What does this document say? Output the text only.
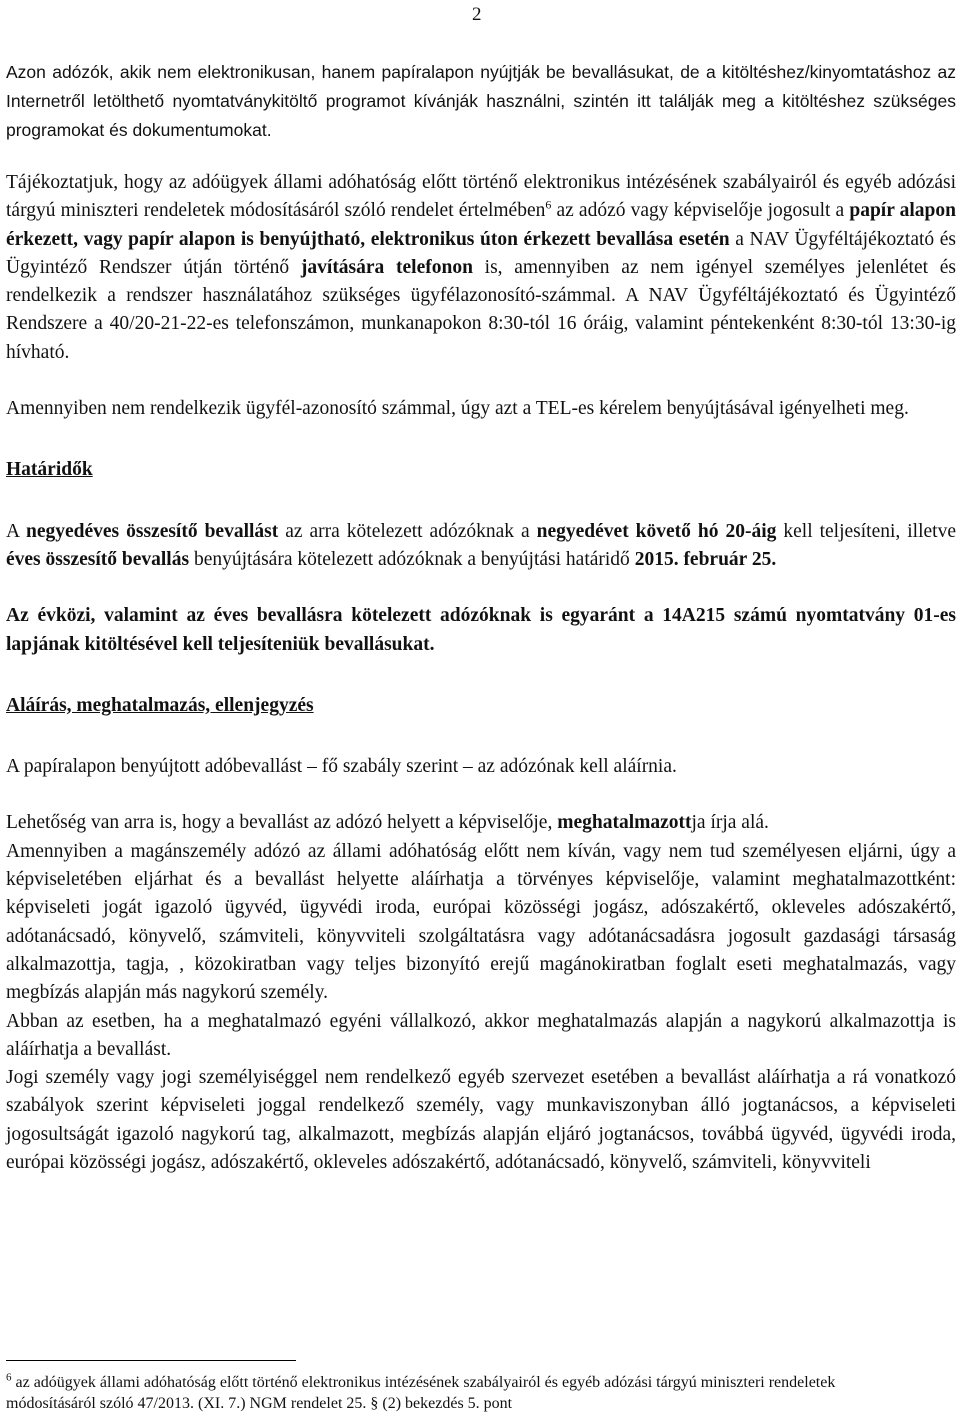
2
Azon adózók, akik nem elektronikusan, hanem papíralapon nyújtják be bevallásukat, de a kitöltéshez/kinyomtatáshoz az Internetről letölthető nyomtatványkitöltő programot kívánják használni, szintén itt találják meg a kitöltéshez szükséges programokat és dokumentumokat.

Tájékoztatjuk, hogy az adóügyek állami adóhatóság előtt történő elektronikus intézésének szabályairól és egyéb adózási tárgyú miniszteri rendeletek módosításáról szóló rendelet értelmében$^6$ az adózó vagy képviselője jogosult a papír alapon érkezett, vagy papír alapon is benyújtható, elektronikus úton érkezett bevallása esetén a NAV Ügyféltájékoztató és Ügyintéző Rendszer útján történő javítására telefonon is, amennyiben az nem igényel személyes jelenlétet és rendelkezik a rendszer használatához szükséges ügyfélazonosító-számmal. A NAV Ügyféltájékoztató és Ügyintéző Rendszere a 40/20-21-22-es telefonszámon, munkanapokon 8:30-tól 16 óráig, valamint péntekenként 8:30-tól 13:30-ig hívható.

Amennyiben nem rendelkezik ügyfél-azonosító számmal, úgy azt a TEL-es kérelem benyújtásával igényelheti meg.

Határidők

A negyedéves összesítő bevallást az arra kötelezett adózóknak a negyedévet követő hó 20-áig kell teljesíteni, illetve éves összesítő bevallás benyújtására kötelezett adózóknak a benyújtási határidő 2015. február 25.

Az évközi, valamint az éves bevallásra kötelezett adózóknak is egyaránt a 14A215 számú nyomtatvány 01-es lapjának kitöltésével kell teljesíteniük bevallásukat.

Aláírás, meghatalmazás, ellenjegyzés

A papíralapon benyújtott adóbevallást – fő szabály szerint – az adózónak kell aláírnia.

Lehetőség van arra is, hogy a bevallást az adózó helyett a képviselője, meghatalmazottja írja alá.

Amennyiben a magánszemély adózó az állami adóhatóság előtt nem kíván, vagy nem tud személyesen eljárni, úgy a képviseletében eljárhat és a bevallást helyette aláírhatja a törvényes képviselője, valamint meghatalmazottként: képviseleti jogát igazoló ügyvéd, ügyvédi iroda, európai közösségi jogász, adószakértő, okleveles adószakértő, adótanácsadó, könyvelő, számviteli, könyvviteli szolgáltatásra vagy adótanácsadásra jogosult gazdasági társaság alkalmazottja, tagja, , közokiratban vagy teljes bizonyító erejű magánokiratban foglalt eseti meghatalmazás, vagy megbízás alapján más nagykorú személy.

Abban az esetben, ha a meghatalmazó egyéni vállalkozó, akkor meghatalmazás alapján a nagykorú alkalmazottja is aláírhatja a bevallást.

Jogi személy vagy jogi személyiséggel nem rendelkező egyéb szervezet esetében a bevallást aláírhatja a rá vonatkozó szabályok szerint képviseleti joggal rendelkező személy, vagy munkaviszonyban álló jogtanácsos, a képviseleti jogosultságát igazoló nagykorú tag, alkalmazott, megbízás alapján eljáró jogtanácsos, továbbá ügyvéd, ügyvédi iroda, európai közösségi jogász, adószakértő, okleveles adószakértő, adótanácsadó, könyvelő, számviteli, könyvviteli

$^6$ az adóügyek állami adóhatóság előtt történő elektronikus intézésének szabályairól és egyéb adózási tárgyú miniszteri rendeletek módosításáról szóló 47/2013. (XI. 7.) NGM rendelet 25. § (2) bekezdés 5. pont
